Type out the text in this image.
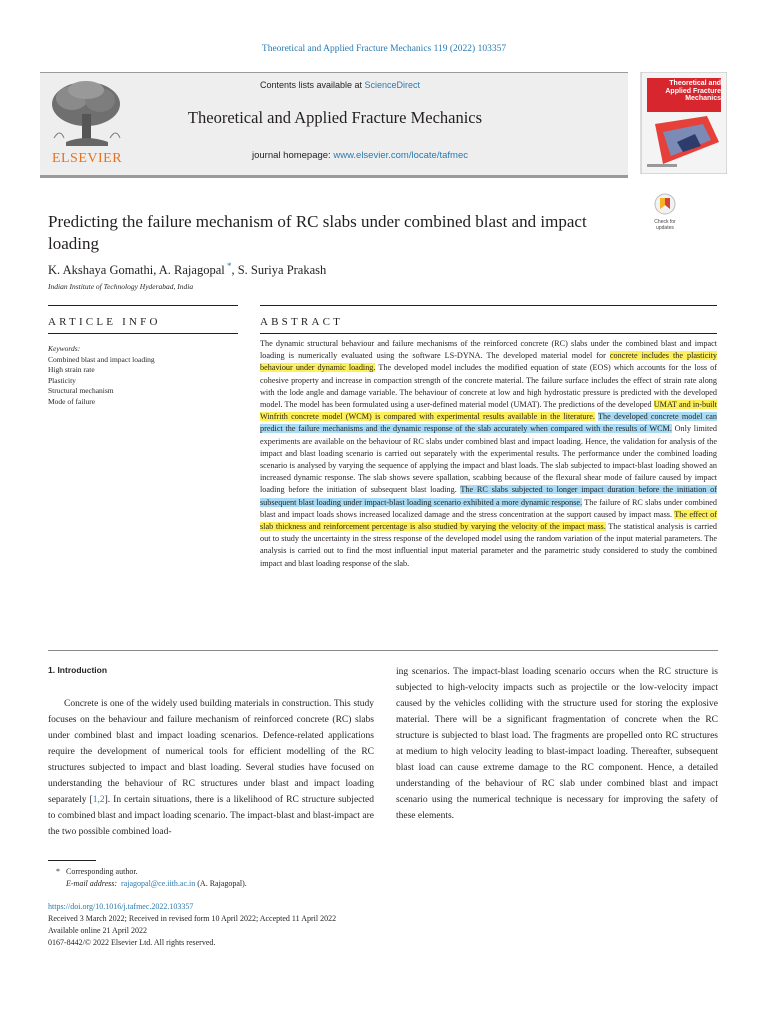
Theoretical and Applied Fracture Mechanics 119 (2022) 103357
ELSEVIER
Contents lists available at ScienceDirect
Theoretical and Applied Fracture Mechanics
journal homepage: www.elsevier.com/locate/tafmec
Theoretical and Applied Fracture Mechanics
Predicting the failure mechanism of RC slabs under combined blast and impact loading
Check for
updates
K. Akshaya Gomathi, A. Rajagopal *, S. Suriya Prakash
Indian Institute of Technology Hyderabad, India
ARTICLE INFO	ABSTRACT
Keywords:
Combined blast and impact loading
High strain rate
Plasticity
Structural mechanism
Mode of failure
The dynamic structural behaviour and failure mechanisms of the reinforced concrete (RC) slabs under the combined blast and impact loading is numerically evaluated using the software LS-DYNA. The developed material model for concrete includes the plasticity behaviour under dynamic loading. The developed model includes the modified equation of state (EOS) which accounts for the loss of cohesive property and increase in compaction strength of the concrete material. The failure surface includes the effect of strain rate along with the lode angle and damage variable. The behaviour of concrete at low and high hydrostatic pressure is predicted with the developed model. The model has been formulated using a user-defined material model (UMAT). The predictions of the developed UMAT and in-built Winfrith concrete model (WCM) is compared with experimental results available in the literature. The developed concrete model can predict the failure mechanisms and the dynamic response of the slab accurately when compared with the results of WCM. Only limited experiments are available on the behaviour of RC slabs under combined blast and impact loading. Hence, the validation for analysis of the impact and blast loading scenario is carried out separately with the experimental results. The performance under the combined loading scenario is analysed by varying the sequence of applying the impact and blast loads. The slab subjected to impact-blast loading showed an increased dynamic response. The slab shows severe spallation, scabbing because of the flexural shear mode of failure caused by impact loading before the initiation of subsequent blast loading. The RC slabs subjected to longer impact duration before the initiation of subsequent blast loading under impact-blast loading scenario exhibited a more dynamic response. The failure of RC slabs under combined blast and impact loads shows increased localized damage and the stress concentration at the support caused by impact mass. The effect of slab thickness and reinforcement percentage is also studied by varying the velocity of the impact mass. The statistical analysis is carried out to study the uncertainty in the stress response of the developed model using the random variation of the input material parameters. The analysis is carried out to find the most influential input material parameter and the parametric study considered to study the combined impact and blast loading response of the slab.
1. Introduction
Concrete is one of the widely used building materials in construction. This study focuses on the behaviour and failure mechanism of reinforced concrete (RC) slabs under combined blast and impact loading scenarios. Defence-related applications require the development of numerical tools for efficient modelling of the RC structures subjected to impact and blast loading. Several studies have focused on understanding the behaviour of RC structures under blast and impact loading separately [1,2]. In certain situations, there is a likelihood of RC structure subjected to combined blast and impact loading scenario. The impact-blast and blast-impact are the two possible combined load-
ing scenarios. The impact-blast loading scenario occurs when the RC structure is subjected to high-velocity impacts such as projectile or the low-velocity impact caused by the vehicles colliding with the structure used for storing the explosive material. There will be a significant fragmentation of concrete when the RC structure is subjected to blast load. The fragments are propelled onto RC structures at medium to high velocity leading to blast-impact loading. Thereafter, subsequent blast load can cause extreme damage to the RC component. Hence, a detailed understanding of the behaviour of RC slab under combined blast and impact scenario using the numerical technique is necessary for improving the safety of these elements.
* Corresponding author.
E-mail address: rajagopal@ce.iith.ac.in (A. Rajagopal).
https://doi.org/10.1016/j.tafmec.2022.103357
Received 3 March 2022; Received in revised form 10 April 2022; Accepted 11 April 2022
Available online 21 April 2022
0167-8442/© 2022 Elsevier Ltd. All rights reserved.
